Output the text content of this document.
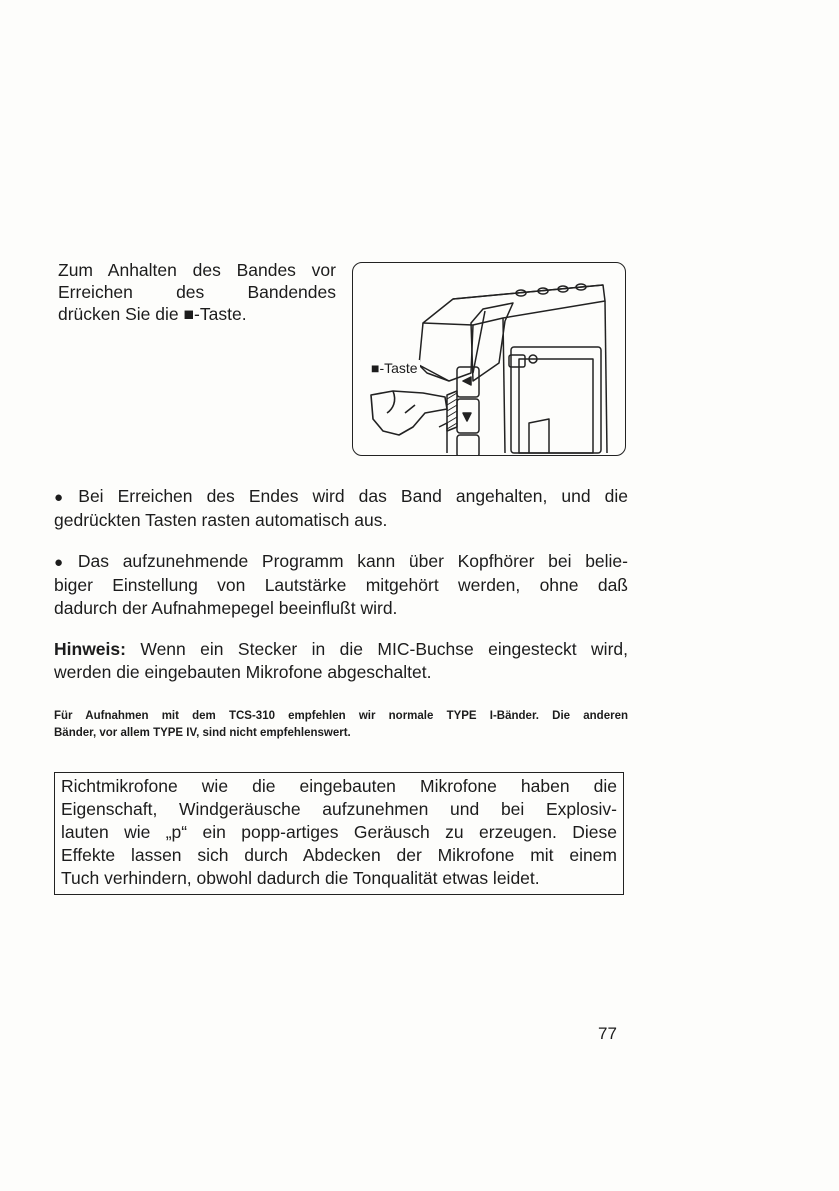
Zum Anhalten des Bandes vor
Erreichen des Bandendes
drücken Sie die ■-Taste.

■-Taste

● Bei Erreichen des Endes wird das Band angehalten, und die
gedrückten Tasten rasten automatisch aus.

● Das aufzunehmende Programm kann über Kopfhörer bei belie-
biger Einstellung von Lautstärke mitgehört werden, ohne daß
dadurch der Aufnahmepegel beeinflußt wird.

Hinweis: Wenn ein Stecker in die MIC-Buchse eingesteckt wird,
werden die eingebauten Mikrofone abgeschaltet.

Für Aufnahmen mit dem TCS-310 empfehlen wir normale TYPE I-Bänder. Die anderen
Bänder, vor allem TYPE IV, sind nicht empfehlenswert.

Richtmikrofone wie die eingebauten Mikrofone haben die
Eigenschaft, Windgeräusche aufzunehmen und bei Explosiv-
lauten wie „p“ ein popp-artiges Geräusch zu erzeugen. Diese
Effekte lassen sich durch Abdecken der Mikrofone mit einem
Tuch verhindern, obwohl dadurch die Tonqualität etwas leidet.
77
